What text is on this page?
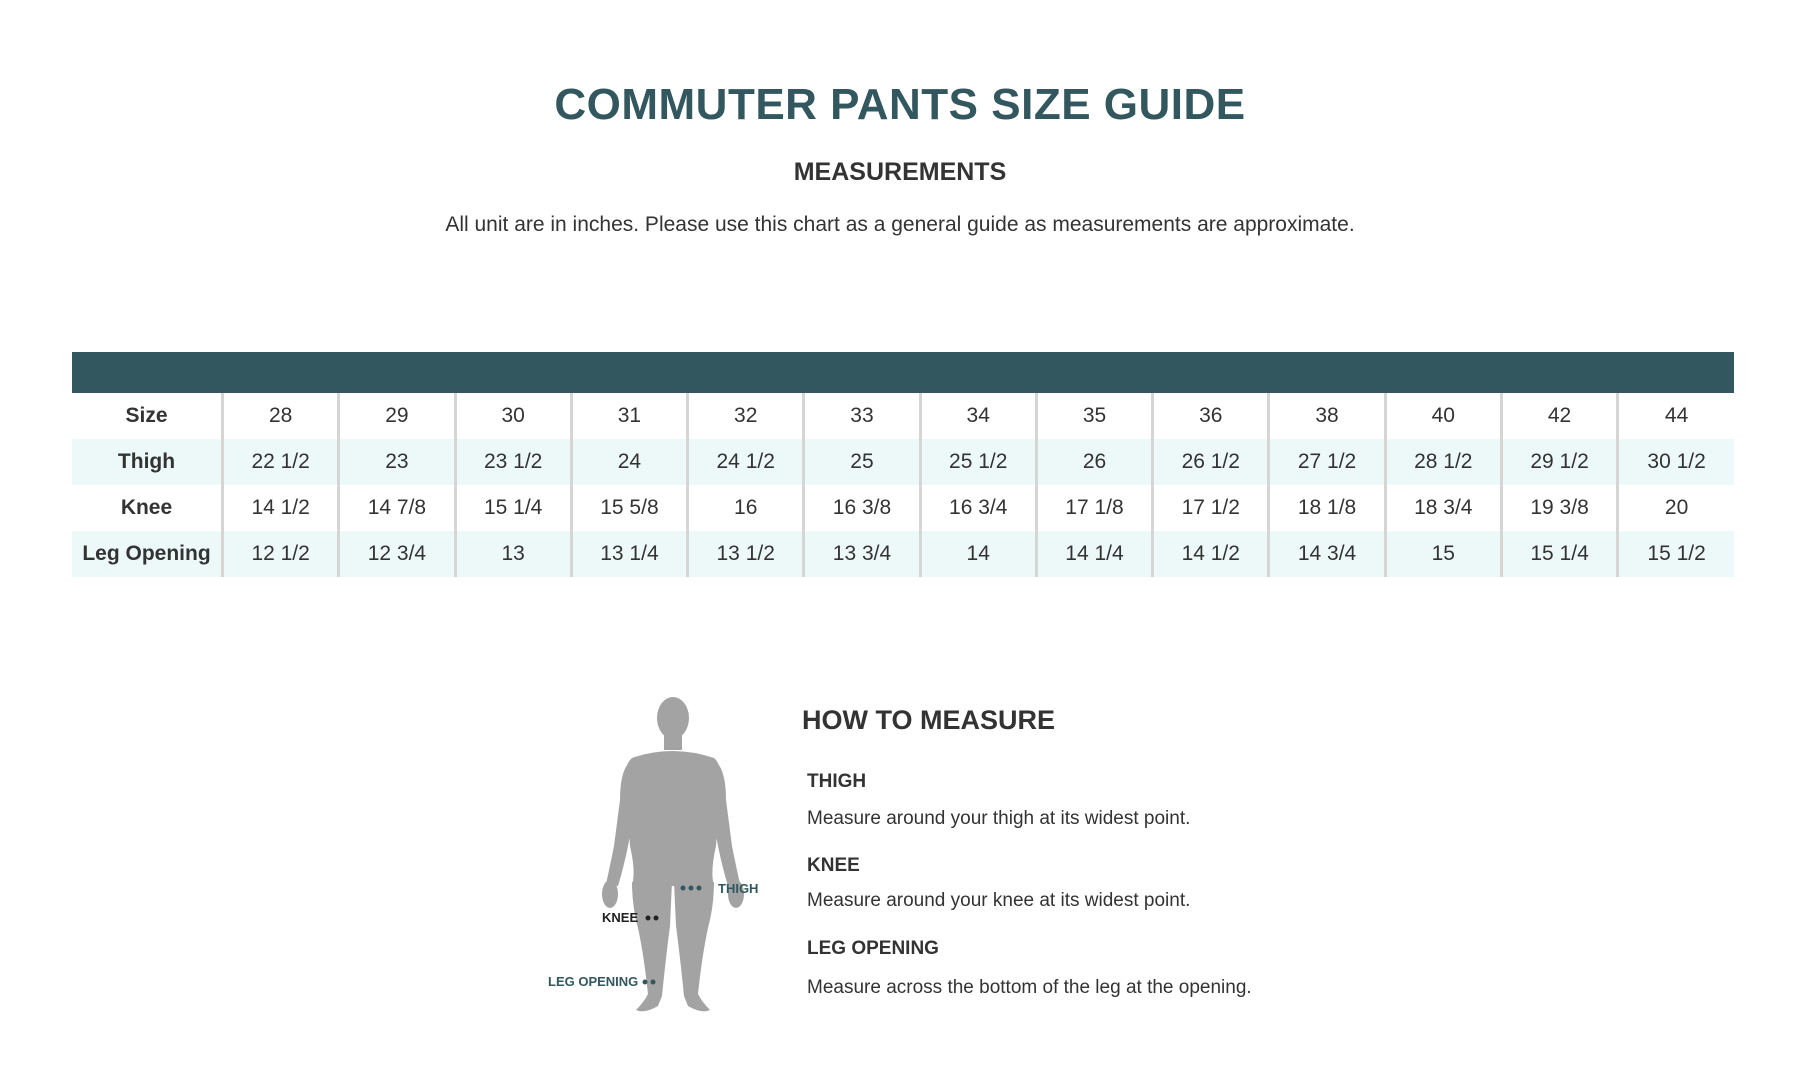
COMMUTER PANTS SIZE GUIDE
MEASUREMENTS
All unit are in inches. Please use this chart as a general guide as measurements are approximate.
Size	28	29	30	31	32	33	34	35	36	38	40	42	44
Thigh	22 1/2	23	23 1/2	24	24 1/2	25	25 1/2	26	26 1/2	27 1/2	28 1/2	29 1/2	30 1/2
Knee	14 1/2	14 7/8	15 1/4	15 5/8	16	16 3/8	16 3/4	17 1/8	17 1/2	18 1/8	18 3/4	19 3/8	20
Leg Opening	12 1/2	12 3/4	13	13 1/4	13 1/2	13 3/4	14	14 1/4	14 1/2	14 3/4	15	15 1/4	15 1/2
THIGH
KNEE
LEG OPENING
HOW TO MEASURE
THIGH
Measure around your thigh at its widest point.
KNEE
Measure around your knee at its widest point.
LEG OPENING
Measure across the bottom of the leg at the opening.
